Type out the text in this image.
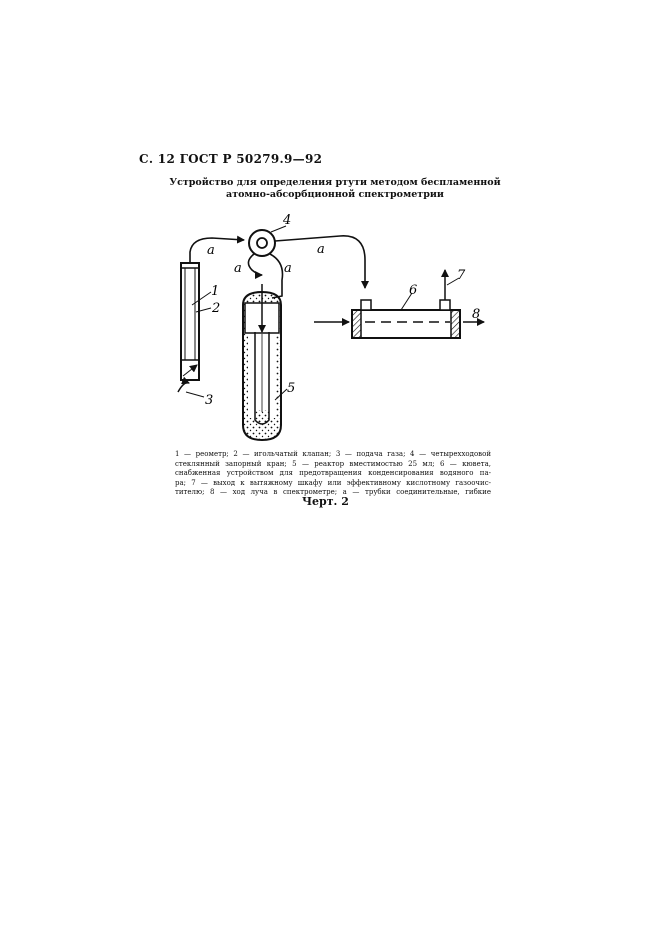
С. 12 ГОСТ Р 50279.9—92
Устройство для определения ртути методом беспламенной
атомно-абсорбционной спектрометрии
1
2
3
4
5
6
7
8
a	a
a	a
1 — реометр; 2 — игольчатый клапан; 3 — подача газа; 4 — четырехходовой
стеклянный запорный кран; 5 — реактор вместимостью 25 мл; 6 — кювета,
снабженная устройством для предотвращения конденсирования водяного па-
ра; 7 — выход к вытяжному шкафу или эффективному кислотному газоочис-
тителю; 8 — ход луча в спектрометре; a — трубки соединительные, гибкие
Черт. 2
